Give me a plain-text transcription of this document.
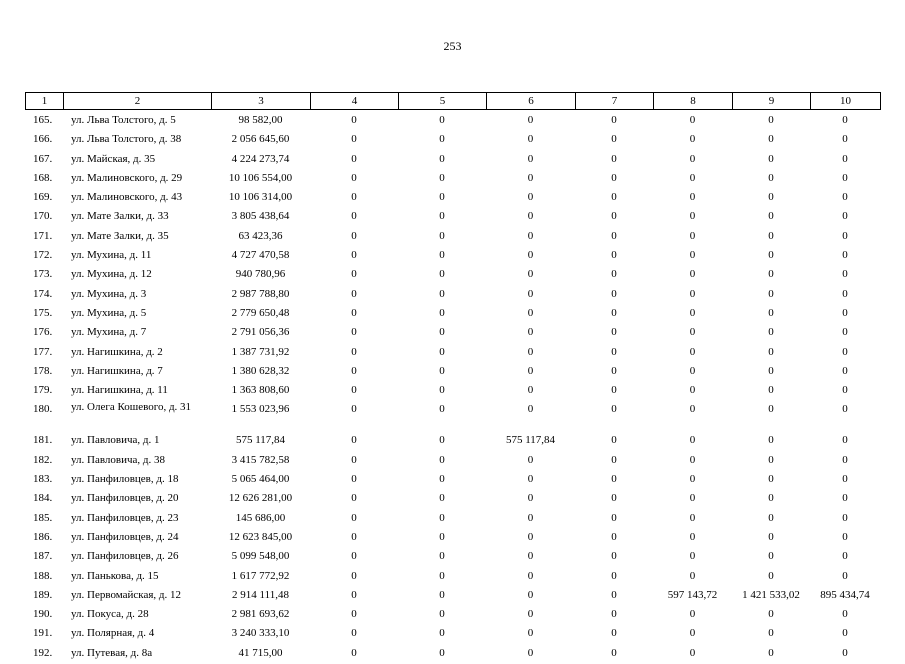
253
1	2	3	4	5	6	7	8	9	10
165.	ул. Льва Толстого, д. 5	98 582,00	0	0	0	0	0	0	0
166.	ул. Льва Толстого, д. 38	2 056 645,60	0	0	0	0	0	0	0
167.	ул. Майская, д. 35	4 224 273,74	0	0	0	0	0	0	0
168.	ул. Малиновского, д. 29	10 106 554,00	0	0	0	0	0	0	0
169.	ул. Малиновского, д. 43	10 106 314,00	0	0	0	0	0	0	0
170.	ул. Мате Залки, д. 33	3 805 438,64	0	0	0	0	0	0	0
171.	ул. Мате Залки, д. 35	63 423,36	0	0	0	0	0	0	0
172.	ул. Мухина, д. 11	4 727 470,58	0	0	0	0	0	0	0
173.	ул. Мухина, д. 12	940 780,96	0	0	0	0	0	0	0
174.	ул. Мухина, д. 3	2 987 788,80	0	0	0	0	0	0	0
175.	ул. Мухина, д. 5	2 779 650,48	0	0	0	0	0	0	0
176.	ул. Мухина, д. 7	2 791 056,36	0	0	0	0	0	0	0
177.	ул. Нагишкина, д. 2	1 387 731,92	0	0	0	0	0	0	0
178.	ул. Нагишкина, д. 7	1 380 628,32	0	0	0	0	0	0	0
179.	ул. Нагишкина, д. 11	1 363 808,60	0	0	0	0	0	0	0
180.	ул. Олега Кошевого, д. 31	1 553 023,96	0	0	0	0	0	0	0
181.	ул. Павловича, д. 1	575 117,84	0	0	575 117,84	0	0	0	0
182.	ул. Павловича, д. 38	3 415 782,58	0	0	0	0	0	0	0
183.	ул. Панфиловцев, д. 18	5 065 464,00	0	0	0	0	0	0	0
184.	ул. Панфиловцев, д. 20	12 626 281,00	0	0	0	0	0	0	0
185.	ул. Панфиловцев, д. 23	145 686,00	0	0	0	0	0	0	0
186.	ул. Панфиловцев, д. 24	12 623 845,00	0	0	0	0	0	0	0
187.	ул. Панфиловцев, д. 26	5 099 548,00	0	0	0	0	0	0	0
188.	ул. Панькова, д. 15	1 617 772,92	0	0	0	0	0	0	0
189.	ул. Первомайская, д. 12	2 914 111,48	0	0	0	0	597 143,72	1 421 533,02	895 434,74
190.	ул. Покуса, д. 28	2 981 693,62	0	0	0	0	0	0	0
191.	ул. Полярная, д. 4	3 240 333,10	0	0	0	0	0	0	0
192.	ул. Путевая, д. 8а	41 715,00	0	0	0	0	0	0	0
